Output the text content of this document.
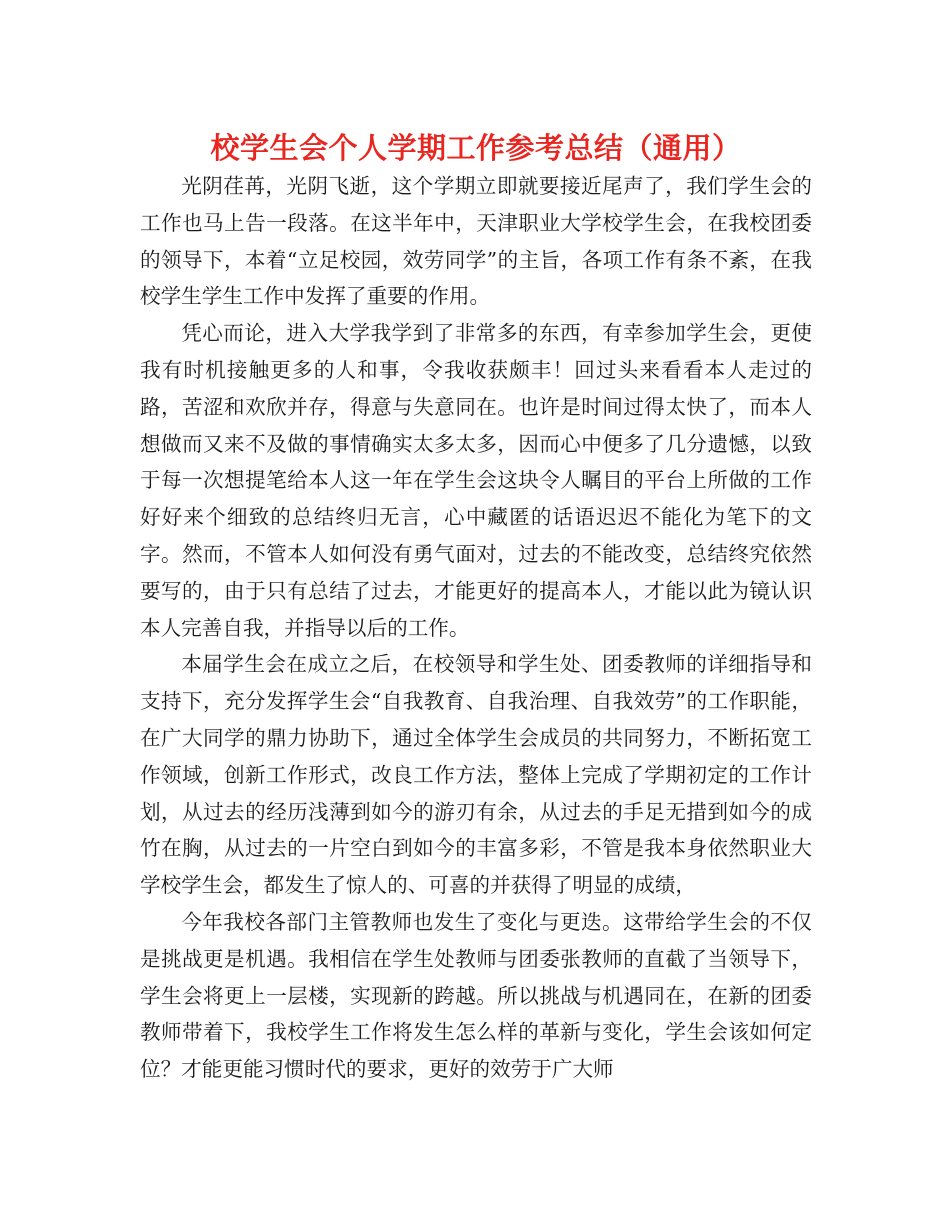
校学生会个人学期工作参考总结（通用）

光阴荏苒，光阴飞逝，这个学期立即就要接近尾声了，我们学生会的工作也马上告一段落。在这半年中，天津职业大学校学生会，在我校团委的领导下，本着“立足校园，效劳同学”的主旨，各项工作有条不紊，在我校学生学生工作中发挥了重要的作用。

凭心而论，进入大学我学到了非常多的东西，有幸参加学生会，更使我有时机接触更多的人和事，令我收获颇丰！回过头来看看本人走过的路，苦涩和欢欣并存，得意与失意同在。也许是时间过得太快了，而本人想做而又来不及做的事情确实太多太多，因而心中便多了几分遗憾，以致于每一次想提笔给本人这一年在学生会这块令人瞩目的平台上所做的工作好好来个细致的总结终归无言，心中藏匿的话语迟迟不能化为笔下的文字。然而，不管本人如何没有勇气面对，过去的不能改变，总结终究依然要写的，由于只有总结了过去，才能更好的提高本人，才能以此为镜认识本人完善自我，并指导以后的工作。

本届学生会在成立之后，在校领导和学生处、团委教师的详细指导和支持下，充分发挥学生会“自我教育、自我治理、自我效劳”的工作职能，在广大同学的鼎力协助下，通过全体学生会成员的共同努力，不断拓宽工作领域，创新工作形式，改良工作方法，整体上完成了学期初定的工作计划，从过去的经历浅薄到如今的游刃有余，从过去的手足无措到如今的成竹在胸，从过去的一片空白到如今的丰富多彩，不管是我本身依然职业大学校学生会，都发生了惊人的、可喜的并获得了明显的成绩，

今年我校各部门主管教师也发生了变化与更迭。这带给学生会的不仅是挑战更是机遇。我相信在学生处教师与团委张教师的直截了当领导下，学生会将更上一层楼，实现新的跨越。所以挑战与机遇同在，在新的团委教师带着下，我校学生工作将发生怎么样的革新与变化，学生会该如何定位？才能更能习惯时代的要求，更好的效劳于广大师
